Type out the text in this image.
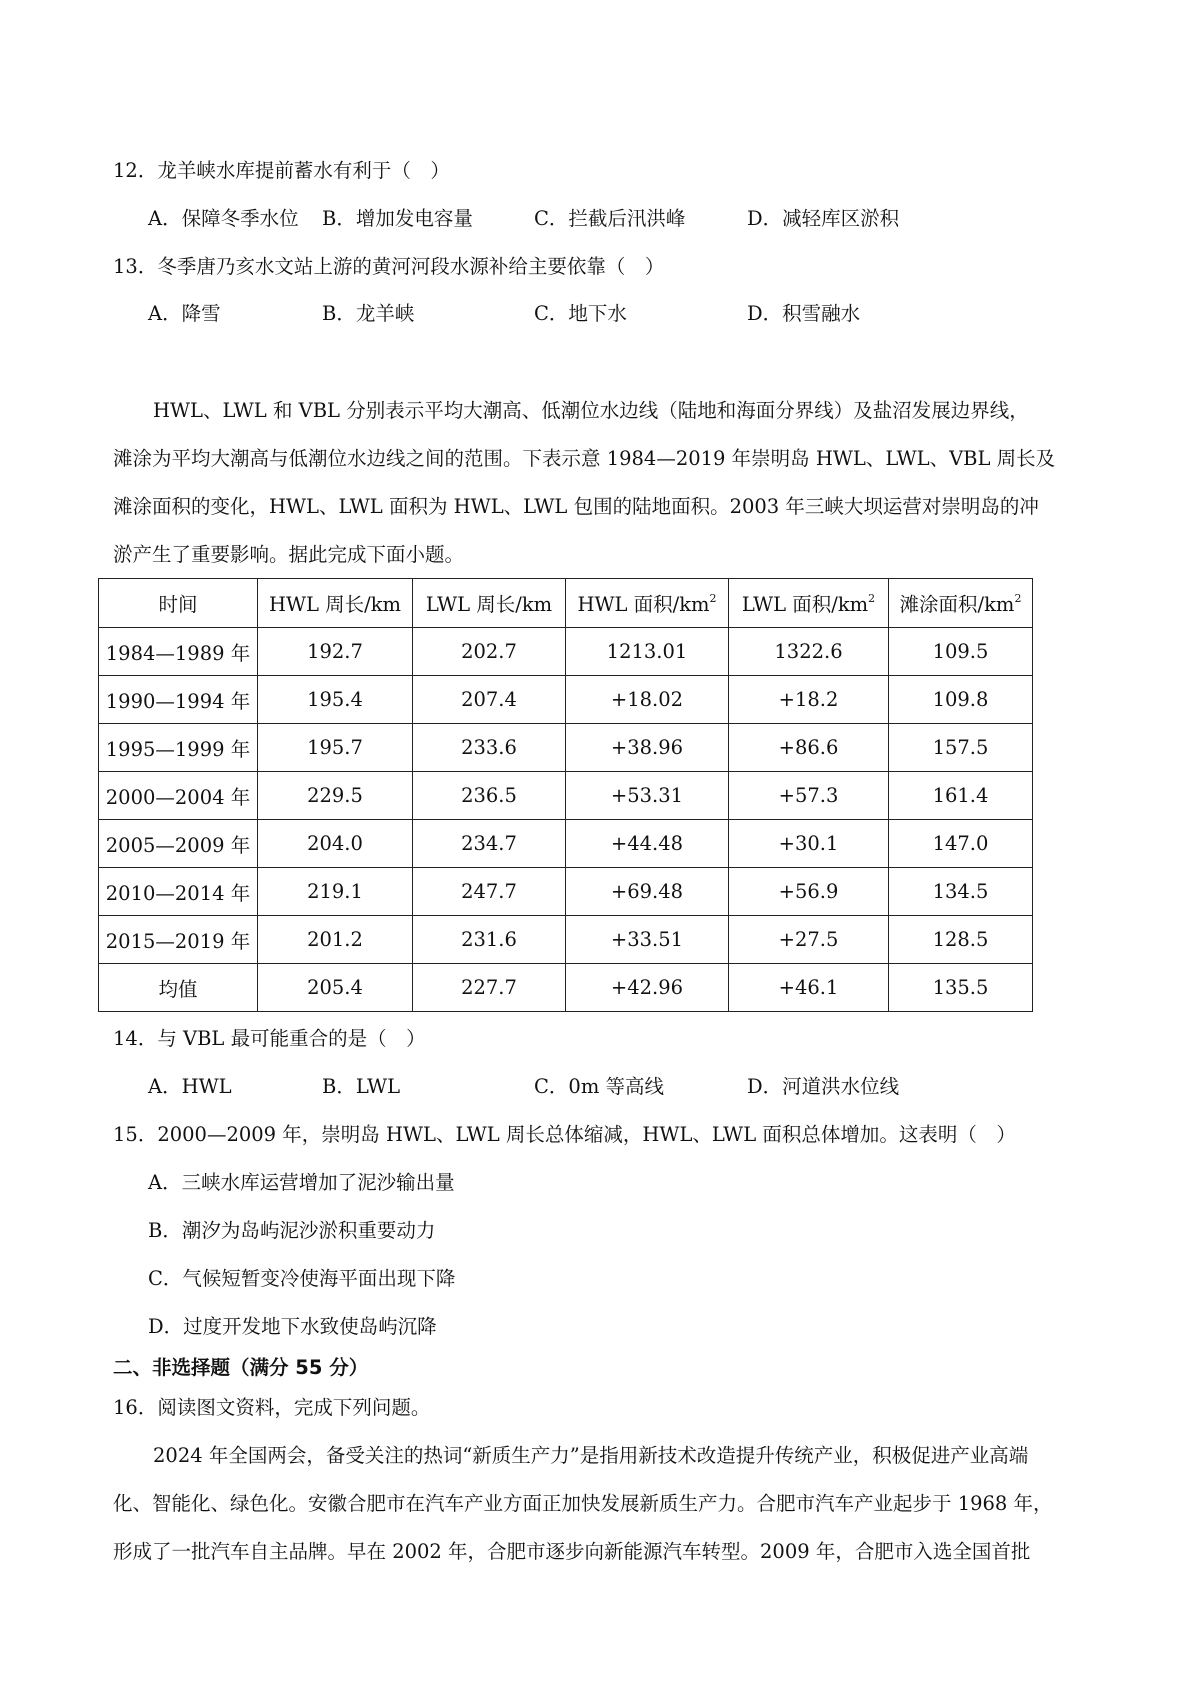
12．龙羊峡水库提前蓄水有利于（　）
A．保障冬季水位 B．增加发电容量	C．拦截后汛洪峰	D．减轻库区淤积
13．冬季唐乃亥水文站上游的黄河河段水源补给主要依靠（　）
A．降雪	B．龙羊峡	C．地下水	D．积雪融水
HWL、LWL 和 VBL 分别表示平均大潮高、低潮位水边线（陆地和海面分界线）及盐沼发展边界线，
滩涂为平均大潮高与低潮位水边线之间的范围。下表示意 1984—2019 年崇明岛 HWL、LWL、VBL 周长及
滩涂面积的变化，HWL、LWL 面积为 HWL、LWL 包围的陆地面积。2003 年三峡大坝运营对崇明岛的冲
淤产生了重要影响。据此完成下面小题。
时间	HWL 周长/km	LWL 周长/km	HWL 面积$/km^2$	LWL 面积$/km^2$	滩涂面积$/km^2$
1984—1989 年	192.7	202.7	1213.01	1322.6	109.5
1990—1994 年	195.4	207.4	+18.02	+18.2	109.8
1995—1999 年	195.7	233.6	+38.96	+86.6	157.5
2000—2004 年	229.5	236.5	+53.31	+57.3	161.4
2005—2009 年	204.0	234.7	+44.48	+30.1	147.0
2010—2014 年	219.1	247.7	+69.48	+56.9	134.5
2015—2019 年	201.2	231.6	+33.51	+27.5	128.5
均值	205.4	227.7	+42.96	+46.1	135.5
14．与 VBL 最可能重合的是（　）
A．HWL	B．LWL	C．0m 等高线	D．河道洪水位线
15．2000—2009 年，崇明岛 HWL、LWL 周长总体缩减，HWL、LWL 面积总体增加。这表明（　）
A．三峡水库运营增加了泥沙输出量
B．潮汐为岛屿泥沙淤积重要动力
C．气候短暂变冷使海平面出现下降
D．过度开发地下水致使岛屿沉降
二、非选择题（满分 55 分）
16．阅读图文资料，完成下列问题。
2024 年全国两会，备受关注的热词“新质生产力”是指用新技术改造提升传统产业，积极促进产业高端
化、智能化、绿色化。安徽合肥市在汽车产业方面正加快发展新质生产力。合肥市汽车产业起步于 1968 年，
形成了一批汽车自主品牌。早在 2002 年，合肥市逐步向新能源汽车转型。2009 年，合肥市入选全国首批
